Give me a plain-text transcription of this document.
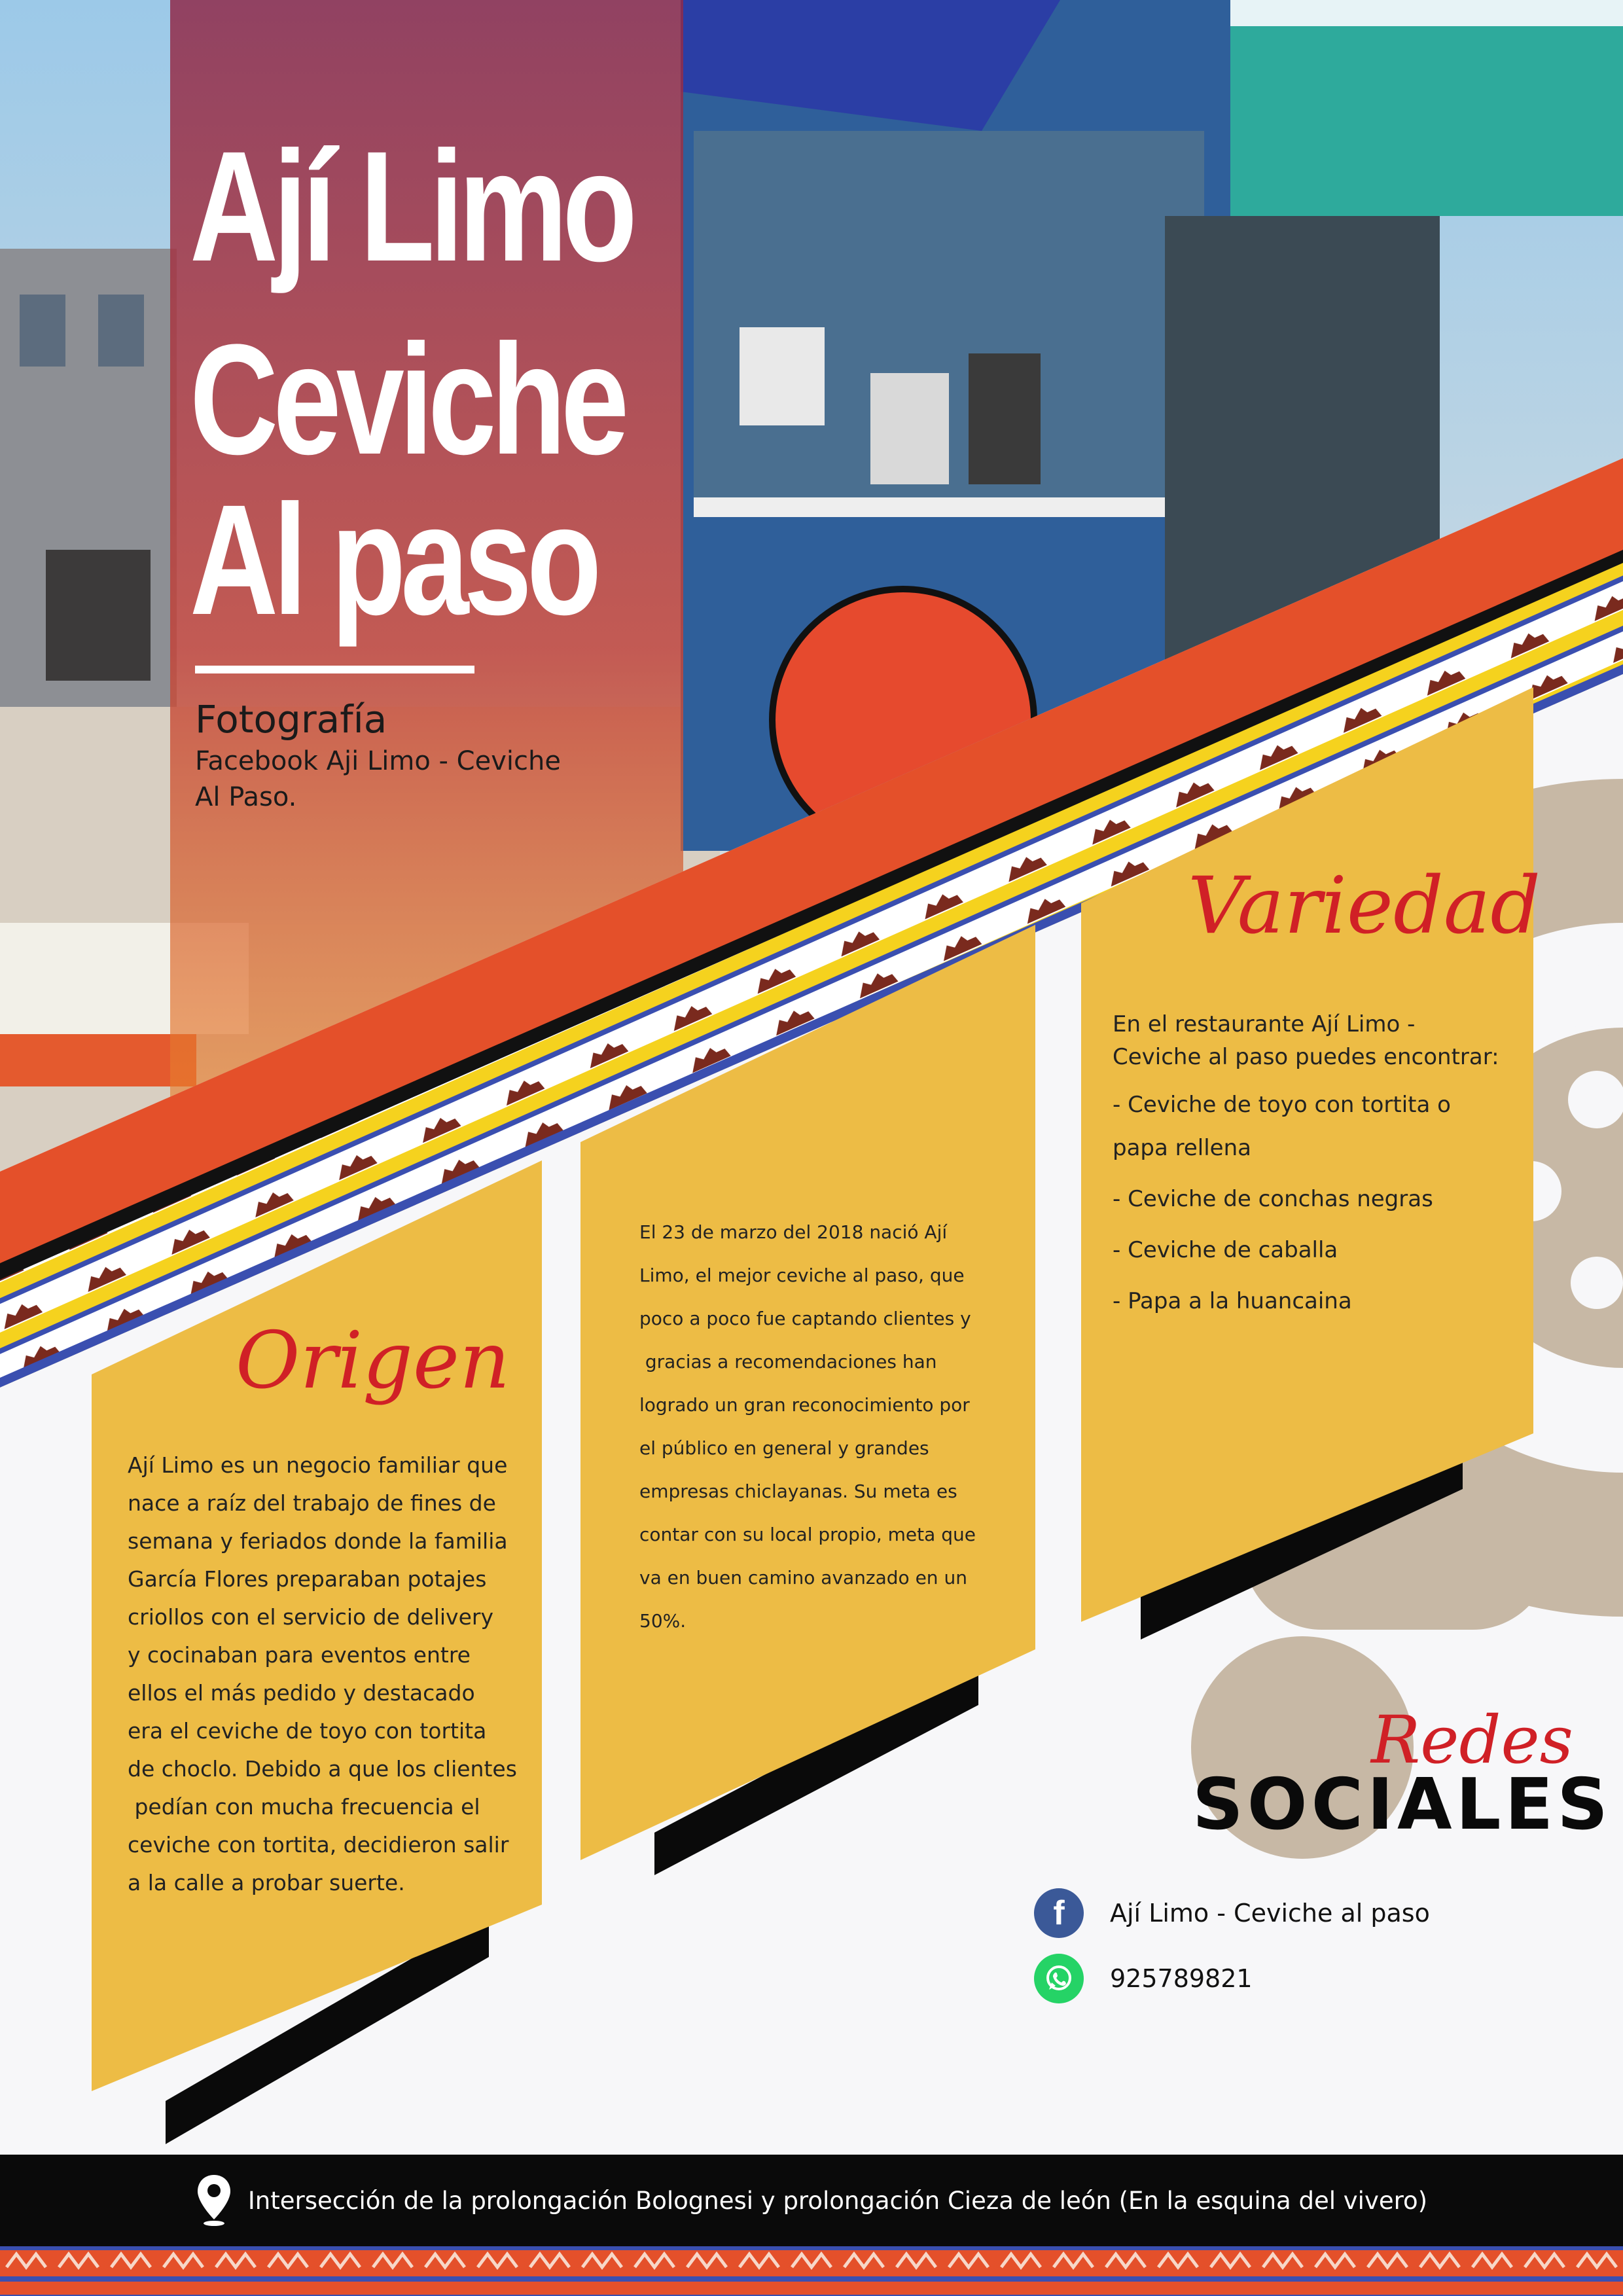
Ají Limo
Ceviche
Al paso
Fotografía
Facebook Aji Limo - Ceviche
Al Paso.
Origen

Ají Limo es un negocio familiar que

nace a raíz del trabajo de fines de

semana y feriados donde la familia

García Flores preparaban potajes

criollos con el servicio de delivery

y cocinaban para eventos entre

ellos el más pedido y destacado

era el ceviche de toyo con tortita

de choclo. Debido a que los clientes

pedían con mucha frecuencia el

ceviche con tortita, decidieron salir

a la calle a probar suerte.

El 23 de marzo del 2018 nació Ají

Limo, el mejor ceviche al paso, que

poco a poco fue captando clientes y

gracias a recomendaciones han

logrado un gran reconocimiento por

el público en general y grandes

empresas chiclayanas. Su meta es

contar con su local propio, meta que

va en buen camino avanzado en un

50%.

Variedad

En el restaurante Ají Limo -

Ceviche al paso puedes encontrar:

- Ceviche de toyo con tortita o

papa rellena

- Ceviche de conchas negras

- Ceviche de caballa

- Papa a la huancaina

Redes
SOCIALES
f	Ají Limo - Ceviche al paso
925789821
Intersección de la prolongación Bolognesi y prolongación Cieza de león (En la esquina del vivero)
